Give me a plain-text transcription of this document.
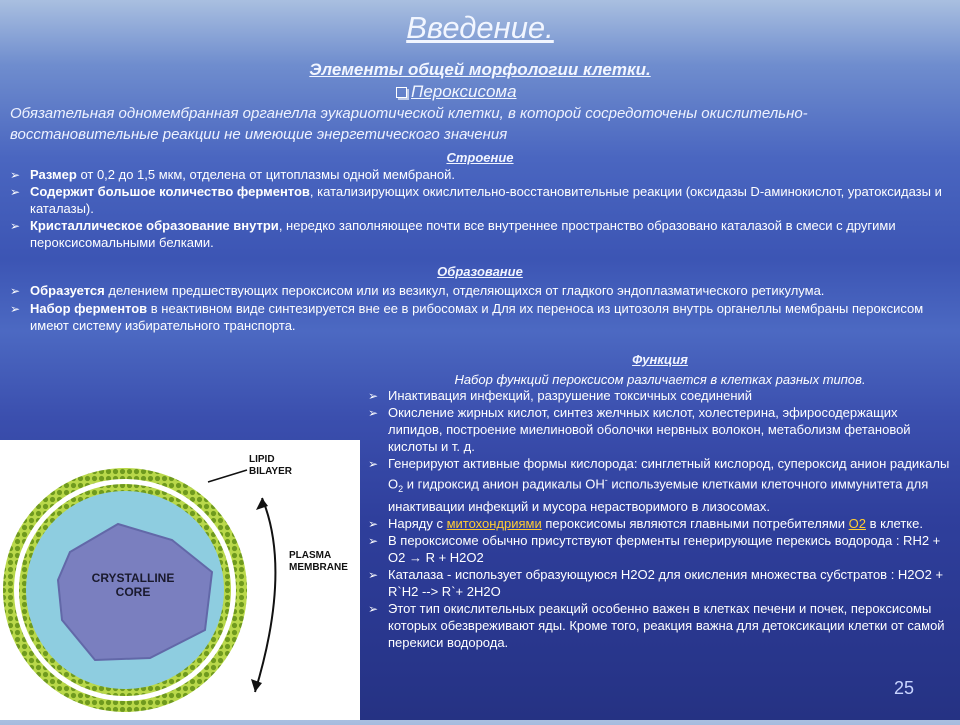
Введение.
Элементы общей морфологии клетки.
Пероксисома
Обязательная одномембранная органелла эукариотической клетки, в которой сосредоточены окислительно-восстановительные реакции не имеющие энергетического значения
Строение
➢ Размер от 0,2 до 1,5 мкм, отделена от цитоплазмы одной мембраной.
➢ Содержит большое количество ферментов, катализирующих окислительно-восстановительные реакции (оксидазы D-аминокислот, уратоксидазы и каталазы).
➢ Кристаллическое образование внутри, нередко заполняющее почти все внутреннее пространство образовано каталазой в смеси с другими пероксисомальными белками.
Образование
➢ Образуется делением предшествующих пероксисом или из везикул, отделяющихся от гладкого эндоплазматического ретикулума.
➢ Набор ферментов в неактивном виде синтезируется вне ее в рибосомах и Для их переноса из цитозоля внутрь органеллы мембраны пероксисом имеют систему избирательного транспорта.
Функция
Набор функций пероксисом различается в клетках разных типов.
➢ Инактивация инфекций, разрушение токсичных соединений
➢ Окисление жирных кислот, синтез желчных кислот, холестерина, эфиросодержащих липидов, построение миелиновой оболочки нервных волокон, метаболизм фетановой кислоты и т. д.
➢ Генерируют активные формы кислорода: синглетный кислород, супероксид анион радикалы $О_2$ и гидроксид анион радикалы ОН- используемые клетками клеточного иммунитета для инактивации инфекций и мусора нерастворимого в лизосомах.
➢ Наряду с митохондриями пероксисомы являются главными потребителями O2 в клетке.
➢ В пероксисоме обычно присутствуют ферменты генерирующие перекись водорода : RH2 + O2 → R + H2O2
➢ Каталаза - использует образующуюся H2O2 для окисления множества субстратов : H2O2 + R`H2 --> R`+ 2H2O
➢ Этот тип окислительных реакций особенно важен в клетках печени и почек, пероксисомы которых обезвреживают яды. Кроме того, реакция важна для детоксикации клетки от самой перекиси водорода.
CRYSTALLINE
CORE
LIPID
BILAYER
PLASMA
MEMBRANE
25
